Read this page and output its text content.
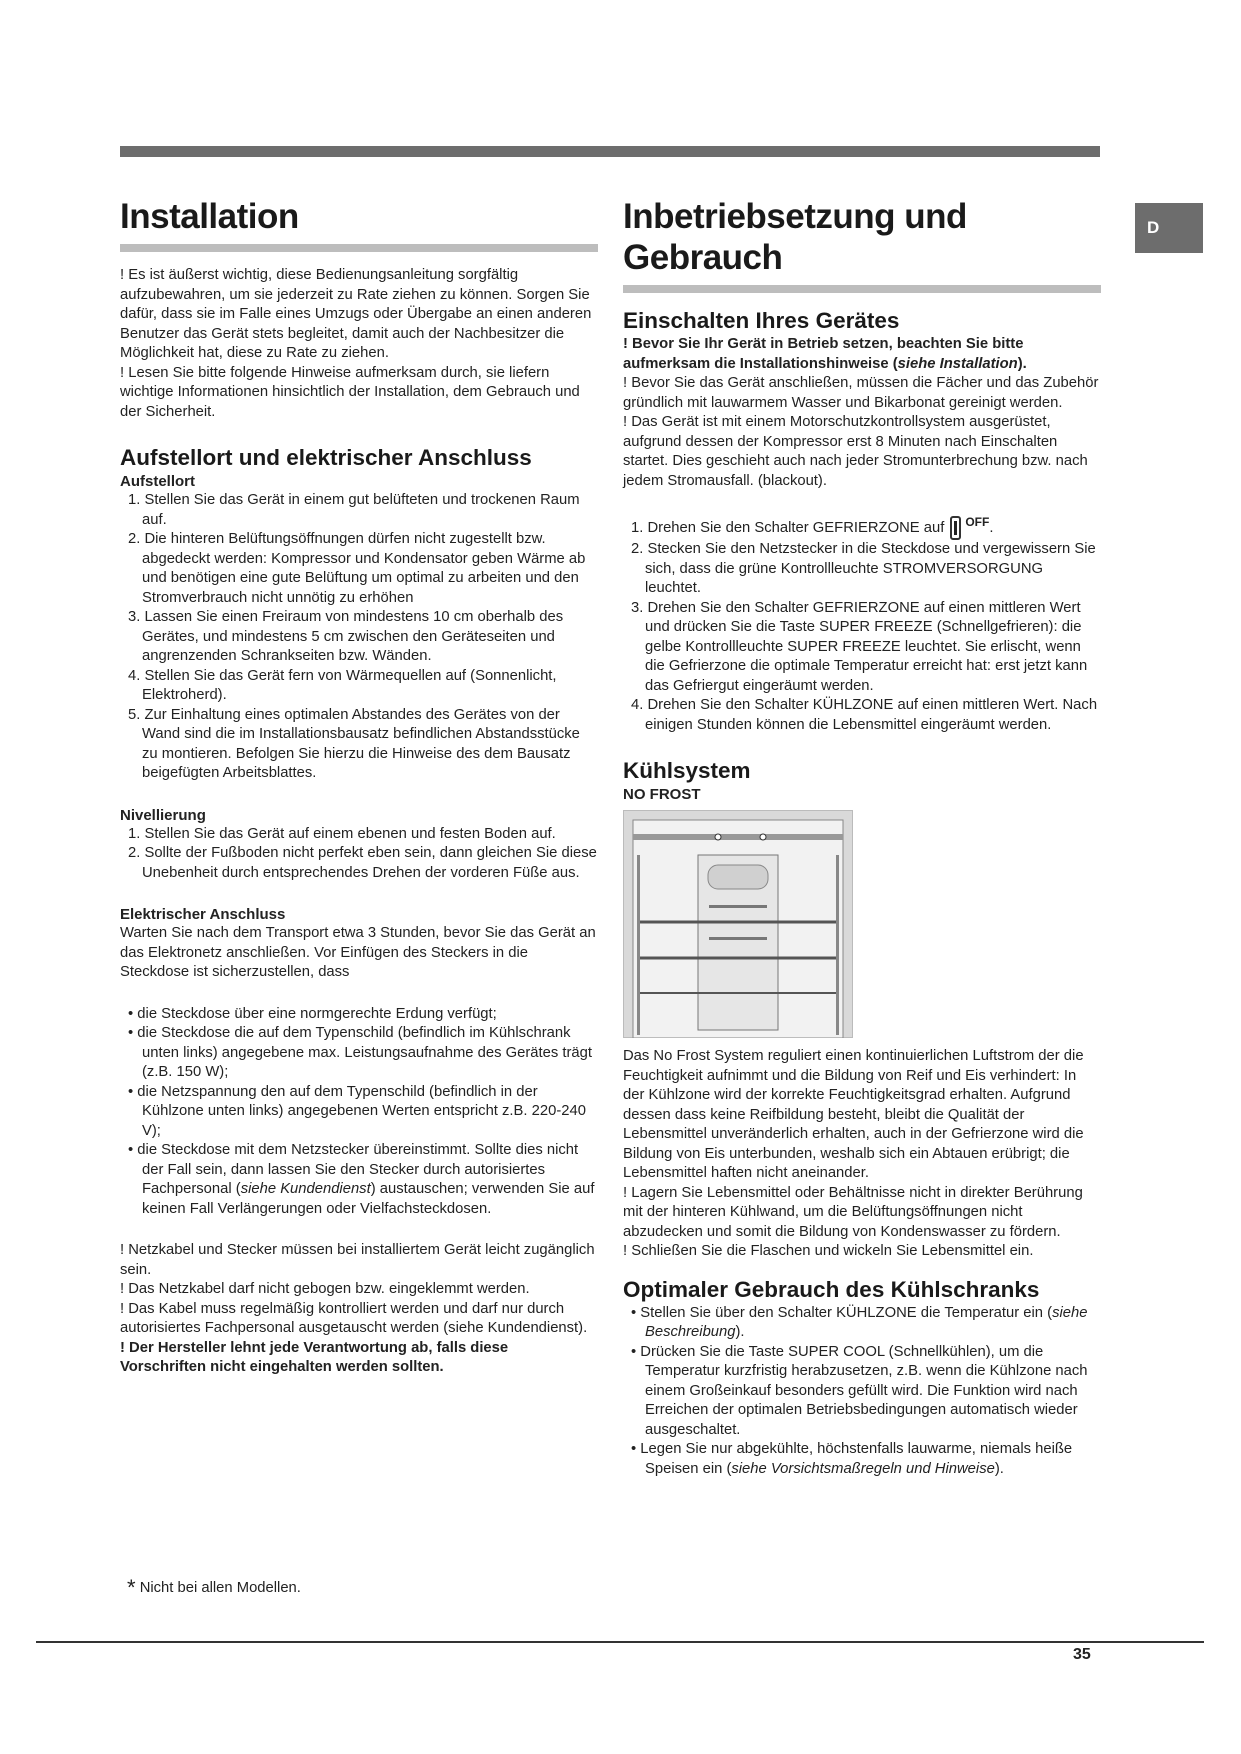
D
Installation

! Es ist äußerst wichtig, diese Bedienungsanleitung sorgfältig aufzubewahren, um sie jederzeit zu Rate ziehen zu können. Sorgen Sie dafür, dass sie im Falle eines Umzugs oder Übergabe an einen anderen Benutzer das Gerät stets begleitet, damit auch der Nachbesitzer die Möglichkeit hat, diese zu Rate zu ziehen.

! Lesen Sie bitte folgende Hinweise aufmerksam durch, sie liefern wichtige Informationen hinsichtlich der Installation, dem Gebrauch und der Sicherheit.

Aufstellort und elektrischer Anschluss
Aufstellort
1. Stellen Sie das Gerät in einem gut belüfteten und trockenen Raum auf.
2. Die hinteren Belüftungsöffnungen dürfen nicht zugestellt bzw. abgedeckt werden: Kompressor und Kondensator geben Wärme ab und benötigen eine gute Belüftung um optimal zu arbeiten und den Stromverbrauch nicht unnötig zu erhöhen
3. Lassen Sie einen Freiraum von mindestens 10 cm oberhalb des Gerätes, und mindestens 5 cm zwischen den Geräteseiten und angrenzenden Schrankseiten bzw. Wänden.
4. Stellen Sie das Gerät fern von Wärmequellen auf (Sonnenlicht, Elektroherd).
5. Zur Einhaltung eines optimalen Abstandes des Gerätes von der Wand sind die im Installationsbausatz befindlichen Abstandsstücke zu montieren. Befolgen Sie hierzu die Hinweise des dem Bausatz beigefügten Arbeitsblattes.
Nivellierung
1. Stellen Sie das Gerät auf einem ebenen und festen Boden auf.
2. Sollte der Fußboden nicht perfekt eben sein, dann gleichen Sie diese Unebenheit durch entsprechendes Drehen der vorderen Füße aus.
Elektrischer Anschluss

Warten Sie nach dem Transport etwa 3 Stunden, bevor Sie das Gerät an das Elektronetz anschließen. Vor Einfügen des Steckers in die Steckdose ist sicherzustellen, dass

• die Steckdose über eine normgerechte Erdung verfügt;
• die Steckdose die auf dem Typenschild (befindlich im Kühlschrank unten links) angegebene max. Leistungsaufnahme des Gerätes trägt (z.B. 150 W);
• die Netzspannung den auf dem Typenschild (befindlich in der Kühlzone unten links) angegebenen Werten entspricht z.B. 220-240 V);
• die Steckdose mit dem Netzstecker übereinstimmt. Sollte dies nicht der Fall sein, dann lassen Sie den Stecker durch autorisiertes Fachpersonal (siehe Kundendienst) austauschen; verwenden Sie auf keinen Fall Verlängerungen oder Vielfachsteckdosen.

! Netzkabel und Stecker müssen bei installiertem Gerät leicht zugänglich sein.

! Das Netzkabel darf nicht gebogen bzw. eingeklemmt werden.

! Das Kabel muss regelmäßig kontrolliert werden und darf nur durch autorisiertes Fachpersonal ausgetauscht werden (siehe Kundendienst).

! Der Hersteller lehnt jede Verantwortung ab, falls diese Vorschriften nicht eingehalten werden sollten.

Inbetriebsetzung und
Gebrauch
Einschalten Ihres Gerätes

! Bevor Sie Ihr Gerät in Betrieb setzen, beachten Sie bitte aufmerksam die Installationshinweise (siehe Installation).

! Bevor Sie das Gerät anschließen, müssen die Fächer und das Zubehör gründlich mit lauwarmem Wasser und Bikarbonat gereinigt werden.

! Das Gerät ist mit einem Motorschutzkontrollsystem ausgerüstet, aufgrund dessen der Kompressor erst 8 Minuten nach Einschalten startet. Dies geschieht auch nach jeder Stromunterbrechung bzw. nach jedem Stromausfall. (blackout).

1. Drehen Sie den Schalter GEFRIERZONE auf $^{OFF}$.
2. Stecken Sie den Netzstecker in die Steckdose und vergewissern Sie sich, dass die grüne Kontrollleuchte STROMVERSORGUNG leuchtet.
3. Drehen Sie den Schalter GEFRIERZONE auf einen mittleren Wert und drücken Sie die Taste SUPER FREEZE (Schnellgefrieren): die gelbe Kontrollleuchte SUPER FREEZE leuchtet. Sie erlischt, wenn die Gefrierzone die optimale Temperatur erreicht hat: erst jetzt kann das Gefriergut eingeräumt werden.
4. Drehen Sie den Schalter KÜHLZONE auf einen mittleren Wert. Nach einigen Stunden können die Lebensmittel eingeräumt werden.
Kühlsystem
NO FROST

Das No Frost System reguliert einen kontinuierlichen Luftstrom der die Feuchtigkeit aufnimmt und die Bildung von Reif und Eis verhindert: In der Kühlzone wird der korrekte Feuchtigkeitsgrad erhalten. Aufgrund dessen dass keine Reifbildung besteht, bleibt die Qualität der Lebensmittel unveränderlich erhalten, auch in der Gefrierzone wird die Bildung von Eis unterbunden, weshalb sich ein Abtauen erübrigt; die Lebensmittel haften nicht aneinander.

! Lagern Sie Lebensmittel oder Behältnisse nicht in direkter Berührung mit der hinteren Kühlwand, um die Belüftungsöffnungen nicht abzudecken und somit die Bildung von Kondenswasser zu fördern.

! Schließen Sie die Flaschen und wickeln Sie Lebensmittel ein.

Optimaler Gebrauch des Kühlschranks
• Stellen Sie über den Schalter KÜHLZONE die Temperatur ein (siehe Beschreibung).
• Drücken Sie die Taste SUPER COOL (Schnellkühlen), um die Temperatur kurzfristig herabzusetzen, z.B. wenn die Kühlzone nach einem Großeinkauf besonders gefüllt wird. Die Funktion wird nach Erreichen der optimalen Betriebsbedingungen automatisch wieder ausgeschaltet.
• Legen Sie nur abgekühlte, höchstenfalls lauwarme, niemals heiße Speisen ein (siehe Vorsichtsmaßregeln und Hinweise).
* Nicht bei allen Modellen.
35
